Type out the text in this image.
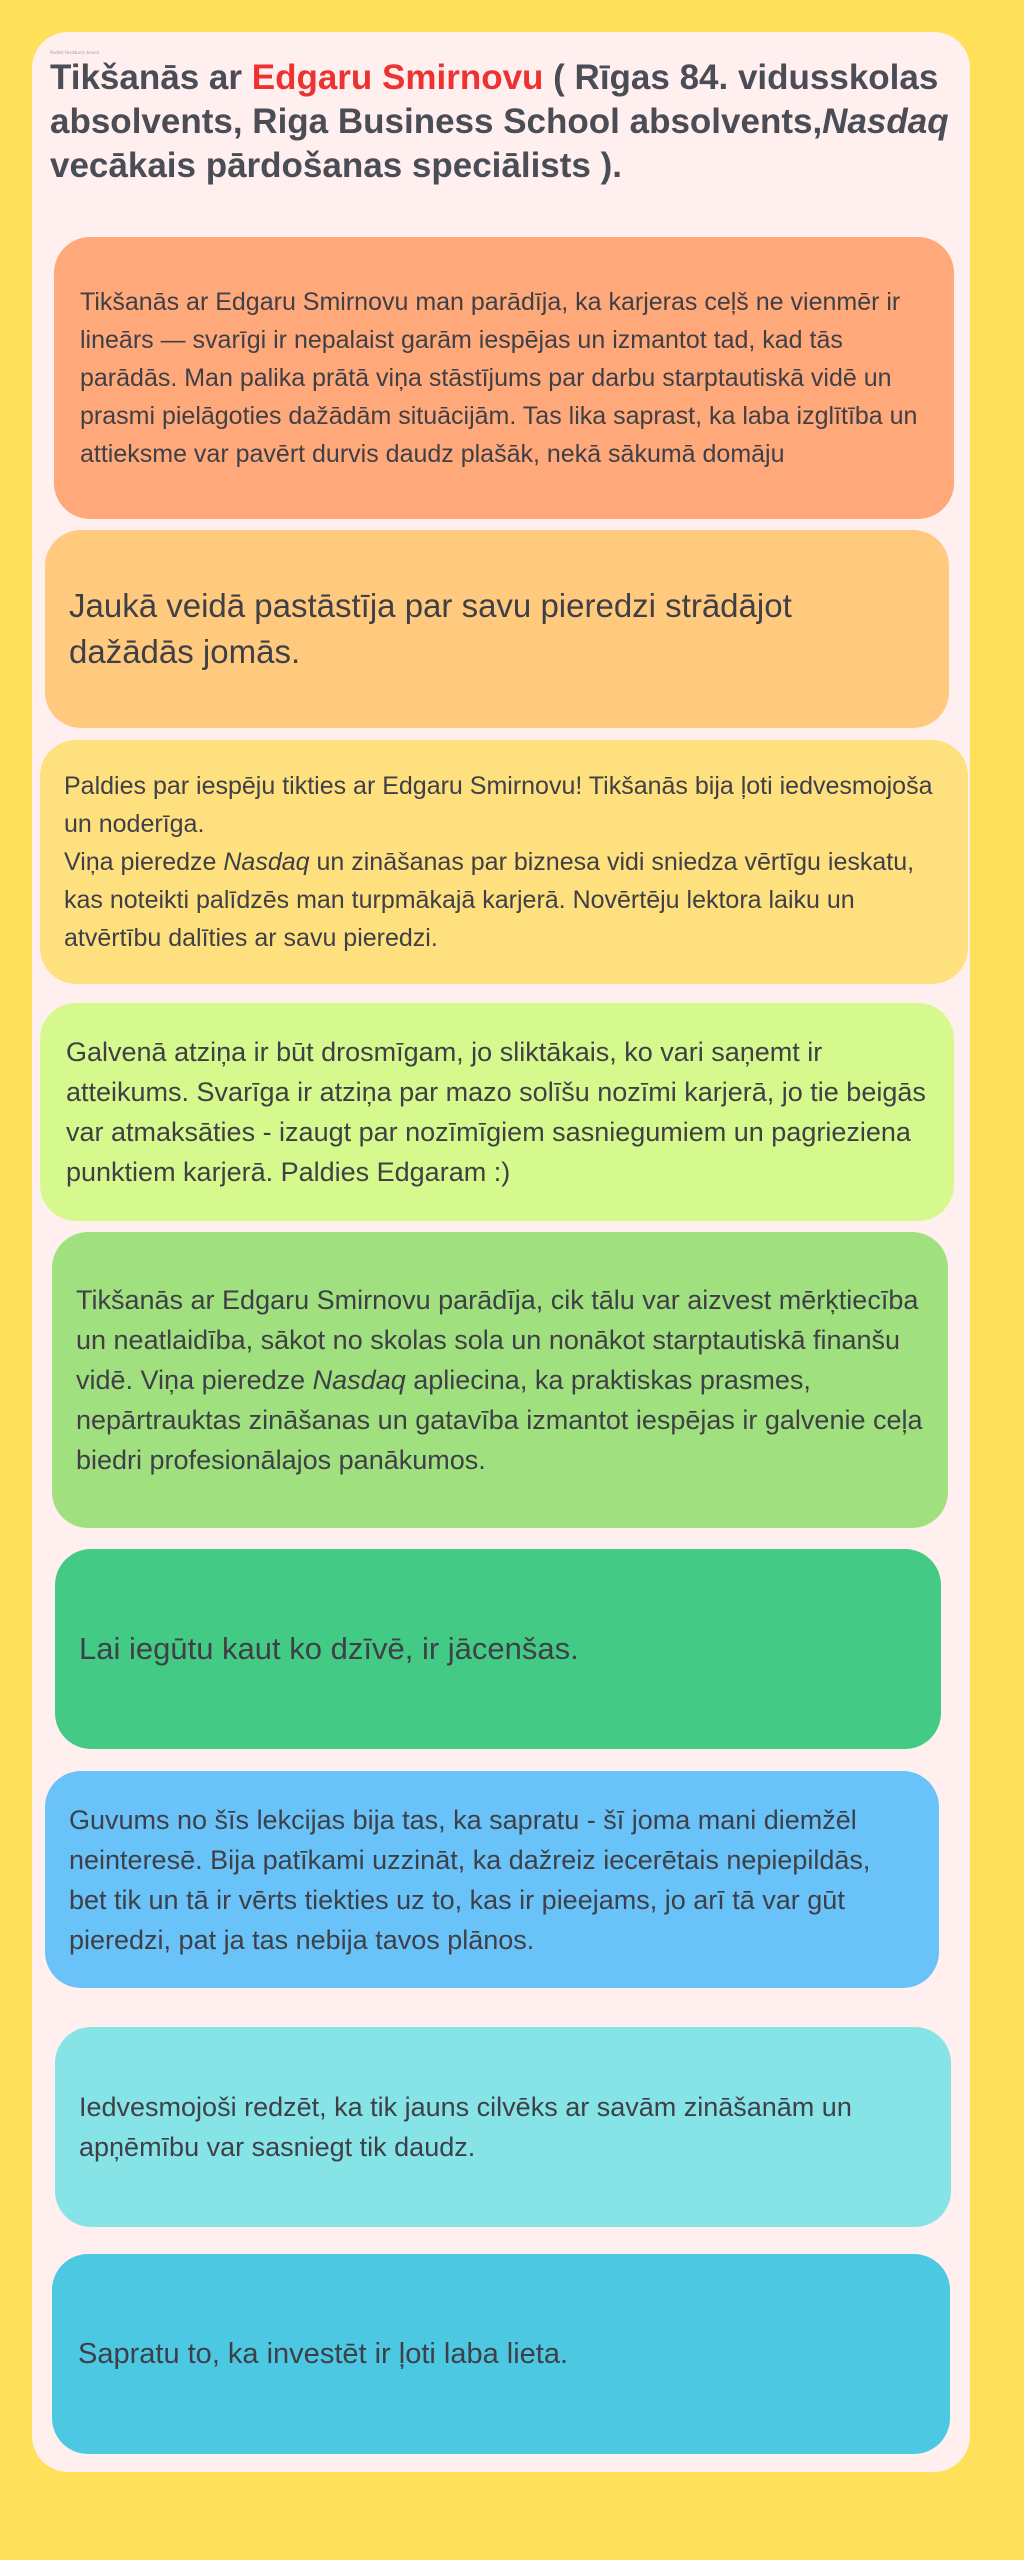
Padlet feedback board
Tikšanās ar Edgaru Smirnovu ( Rīgas 84. vidusskolas absolvents, Riga Business School absolvents,Nasdaq vecākais pārdošanas speciālists ).

Tikšanās ar Edgaru Smirnovu man parādīja, ka karjeras ceļš ne vienmēr ir lineārs — svarīgi ir nepalaist garām iespējas un izmantot tad, kad tās parādās. Man palika prātā viņa stāstījums par darbu starptautiskā vidē un prasmi pielāgoties dažādām situācijām. Tas lika saprast, ka laba izglītība un attieksme var pavērt durvis daudz plašāk, nekā sākumā domāju

Jaukā veidā pastāstīja par savu pieredzi strādājot dažādās jomās.

Paldies par iespēju tikties ar Edgaru Smirnovu! Tikšanās bija ļoti iedvesmojoša un noderīga.
Viņa pieredze Nasdaq un zināšanas par biznesa vidi sniedza vērtīgu ieskatu, kas noteikti palīdzēs man turpmākajā karjerā. Novērtēju lektora laiku un atvērtību dalīties ar savu pieredzi.

Galvenā atziņa ir būt drosmīgam, jo sliktākais, ko vari saņemt ir atteikums. Svarīga ir atziņa par mazo solīšu nozīmi karjerā, jo tie beigās var atmaksāties - izaugt par nozīmīgiem sasniegumiem un pagrieziena punktiem karjerā. Paldies Edgaram :)

Tikšanās ar Edgaru Smirnovu parādīja, cik tālu var aizvest mērķtiecība un neatlaidība, sākot no skolas sola un nonākot starptautiskā finanšu vidē. Viņa pieredze Nasdaq apliecina, ka praktiskas prasmes, nepārtrauktas zināšanas un gatavība izmantot iespējas ir galvenie ceļa biedri profesionālajos panākumos.

Lai iegūtu kaut ko dzīvē, ir jācenšas.

Guvums no šīs lekcijas bija tas, ka sapratu - šī joma mani diemžēl neinteresē. Bija patīkami uzzināt, ka dažreiz iecerētais nepiepildās, bet tik un tā ir vērts tiekties uz to, kas ir pieejams, jo arī tā var gūt pieredzi, pat ja tas nebija tavos plānos.

Iedvesmojoši redzēt, ka tik jauns cilvēks ar savām zināšanām un apņēmību var sasniegt tik daudz.

Sapratu to, ka investēt ir ļoti laba lieta.
